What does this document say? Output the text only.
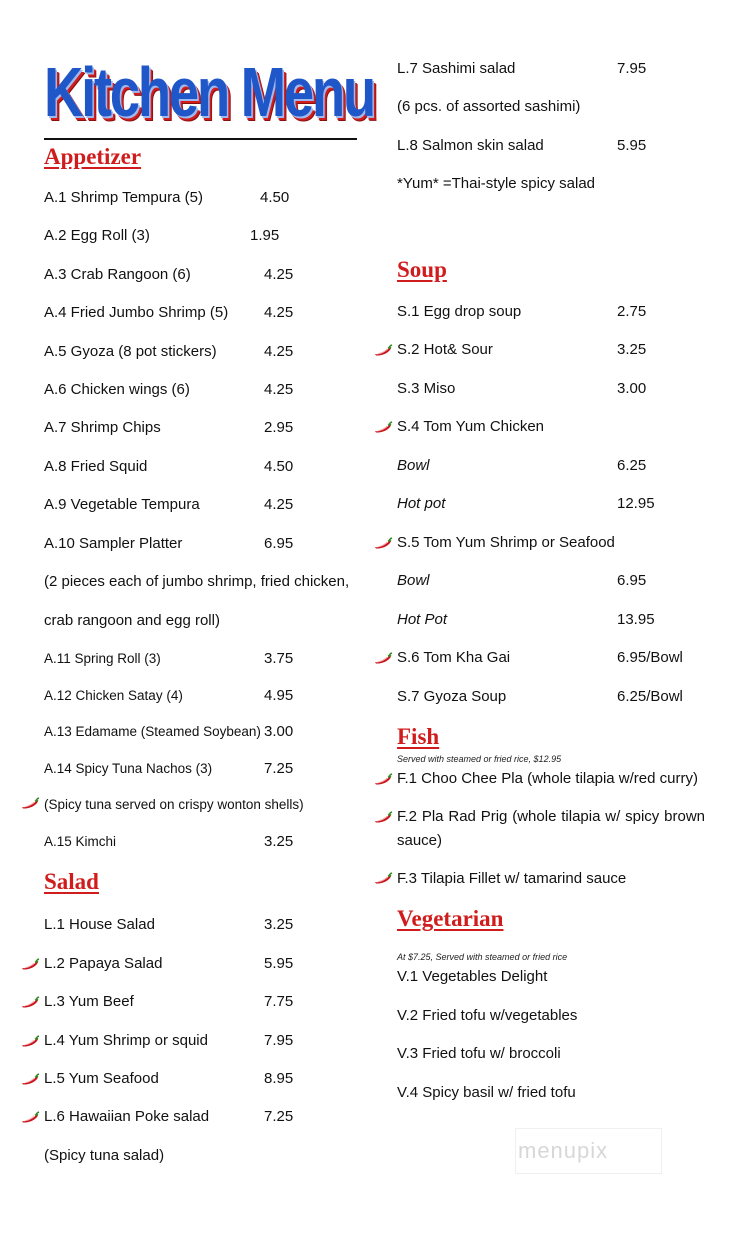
Kitchen Menu
Appetizer
A.1 Shrimp Tempura (5)	4.50
A.2 Egg Roll (3)	1.95
A.3 Crab Rangoon (6)	4.25
A.4 Fried Jumbo Shrimp (5) 4.25
A.5 Gyoza (8 pot stickers)	4.25
A.6 Chicken wings (6)	4.25
A.7 Shrimp Chips	2.95
A.8 Fried Squid	4.50
A.9 Vegetable Tempura	4.25
A.10 Sampler Platter	6.95
(2 pieces each of jumbo shrimp, fried chicken,
crab rangoon and egg roll)
A.11 Spring Roll (3)	3.75
A.12 Chicken Satay (4)	4.95
A.13 Edamame (Steamed Soybean) 3.00
A.14 Spicy Tuna Nachos (3)	7.25
(Spicy tuna served on crispy wonton shells)
A.15 Kimchi	3.25
Salad
L.1 House Salad	3.25
L.2 Papaya Salad	5.95
L.3 Yum Beef	7.75
L.4 Yum Shrimp or squid	7.95
L.5 Yum Seafood	8.95
L.6 Hawaiian Poke salad	7.25
(Spicy tuna salad)
L.7 Sashimi salad	7.95
(6 pcs. of assorted sashimi)
L.8 Salmon skin salad	5.95
*Yum* =Thai-style spicy salad
Soup
S.1 Egg drop soup	2.75
S.2 Hot& Sour	3.25
S.3 Miso	3.00
S.4 Tom Yum Chicken
Bowl	6.25
Hot pot	12.95
S.5 Tom Yum Shrimp or Seafood
Bowl	6.95
Hot Pot	13.95
S.6 Tom Kha Gai	6.95/Bowl
S.7 Gyoza Soup	6.25/Bowl
Fish
Served with steamed or fried rice, $12.95
F.1 Choo Chee Pla (whole tilapia w/red curry)
F.2 Pla Rad Prig (whole tilapia w/ spicy brown sauce)
F.3 Tilapia Fillet w/ tamarind sauce
Vegetarian
At $7.25, Served with steamed or fried rice
V.1 Vegetables Delight
V.2 Fried tofu w/vegetables
V.3 Fried tofu w/ broccoli
V.4 Spicy basil w/ fried tofu
menupix
